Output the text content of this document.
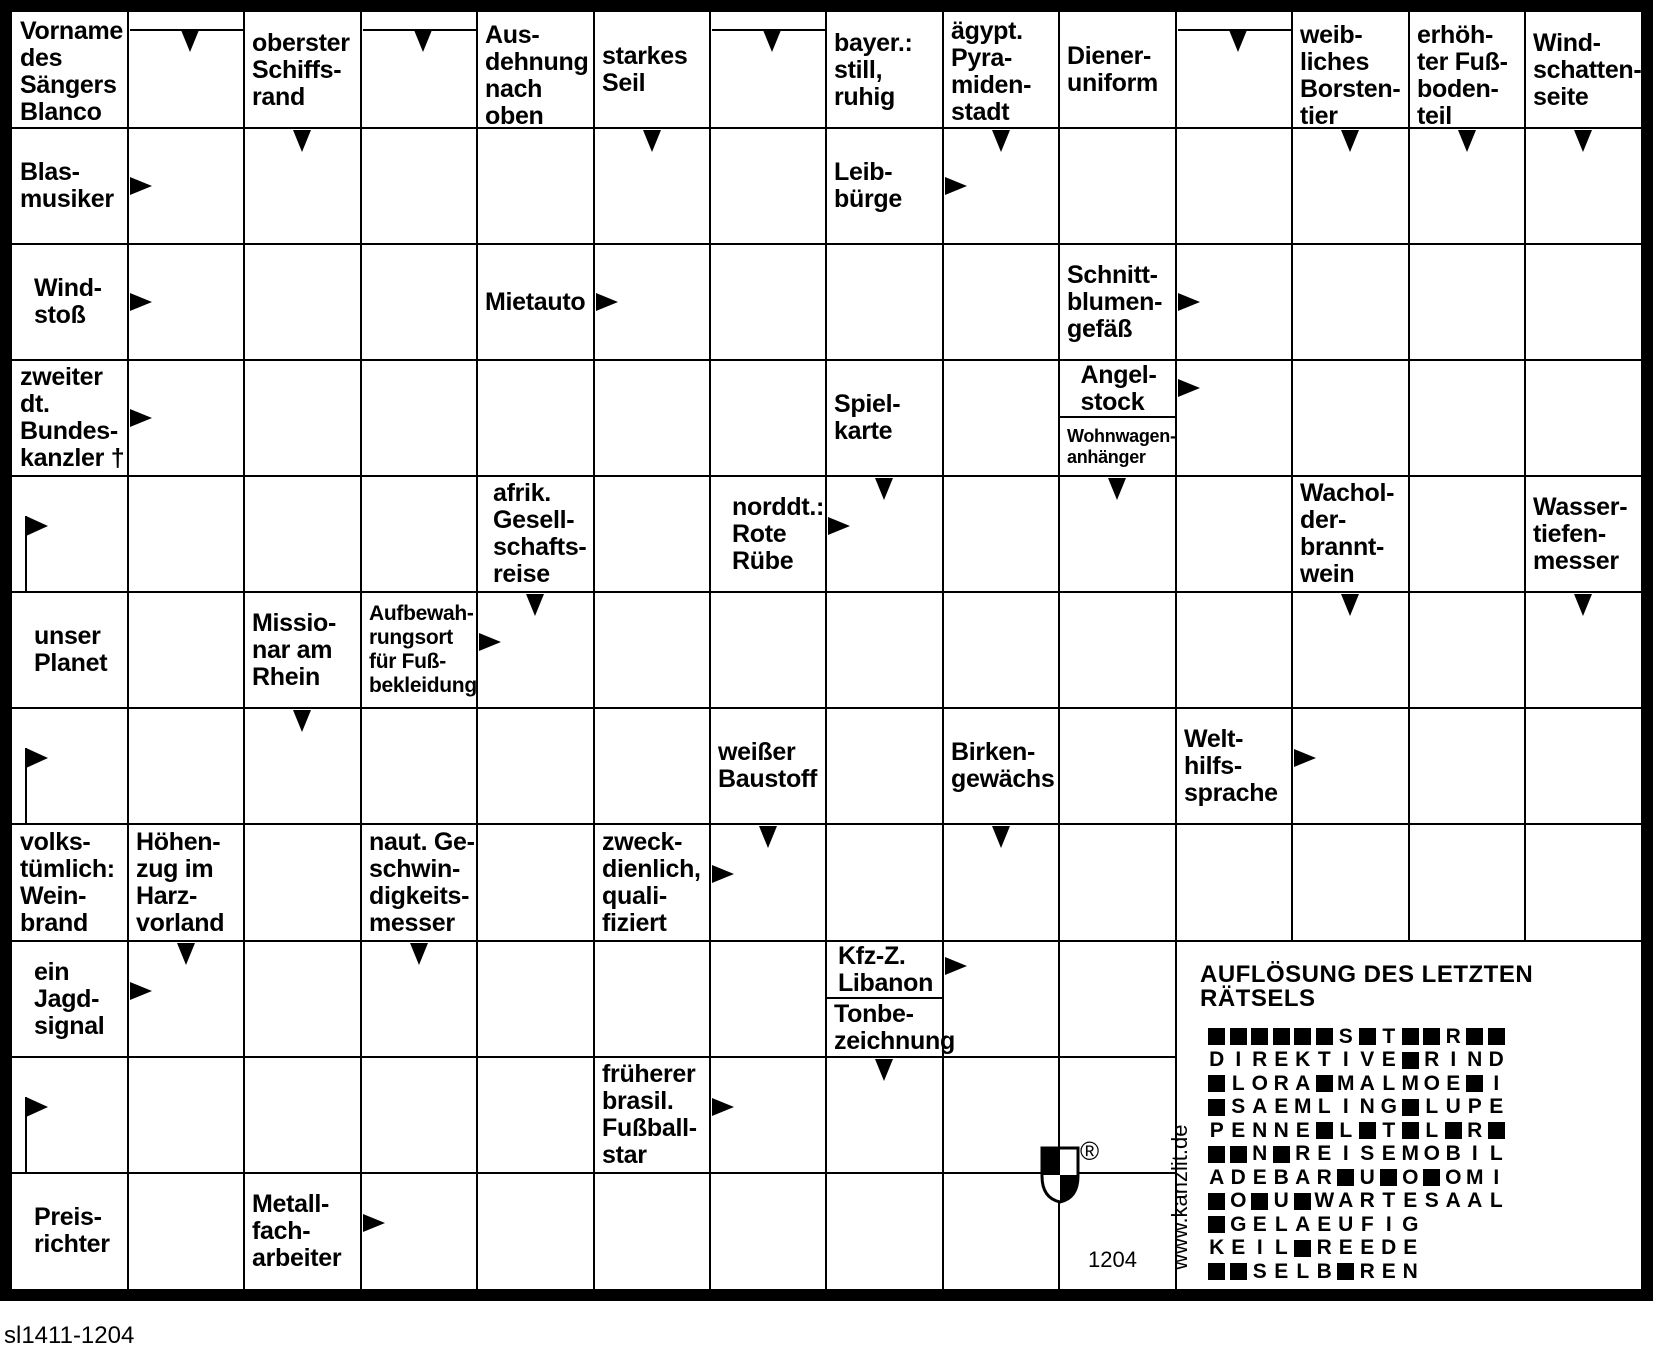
Vorname
des
Sängers
Blanco
oberster
Schiffs-
rand
Aus-
dehnung
nach
oben
starkes
Seil
bayer.:
still,
ruhig
ägypt.
Pyra-
miden-
stadt
Diener-
uniform
weib-
liches
Borsten-
tier
erhöh-
ter Fuß-
boden-
teil
Wind-
schatten-
seite
Blas-
musiker
Leib-
bürge
Wind-
stoß	Mietauto
Schnitt-
blumen-
gefäß
zweiter
dt.
Bundes-
kanzler †
Spiel-
karte
Angel-
stock
Wohnwagen-
anhänger
afrik.
Gesell-
schafts-
reise
norddt.:
Rote
Rübe
Wachol-
der-
brannt-
wein
Wasser-
tiefen-
messer
unser
Planet
Missio-
nar am
Rhein
Aufbewah-
rungsort
für Fuß-
bekleidung
weißer
Baustoff
Birken-
gewächs
Welt-
hilfs-
sprache
volks-
tümlich:
Wein-
brand
Höhen-
zug im
Harz-
vorland
naut. Ge-
schwin-
digkeits-
messer
zweck-
dienlich,
quali-
fiziert
ein
Jagd-
signal
Kfz-Z.
Libanon
Tonbe-
zeichnung
früherer
brasil.
Fußball-
star
Preis-
richter
Metall-
fach-
arbeiter
AUFLÖSUNG DES LETZTEN RÄTSELS
S T R
D I R E K T I V E R I N D
L O R A M A L M O E	I
S A E M L I N G L U P E
P E N N E L T L R
N R E I S E M O B I L
A D E B A R U O O M I
O U W A R T E S A A L
G E L A E U F I G
K E I L R E E D E
S E L B R E N
®	www.kanzlit.de
1204
sl1411-1204
